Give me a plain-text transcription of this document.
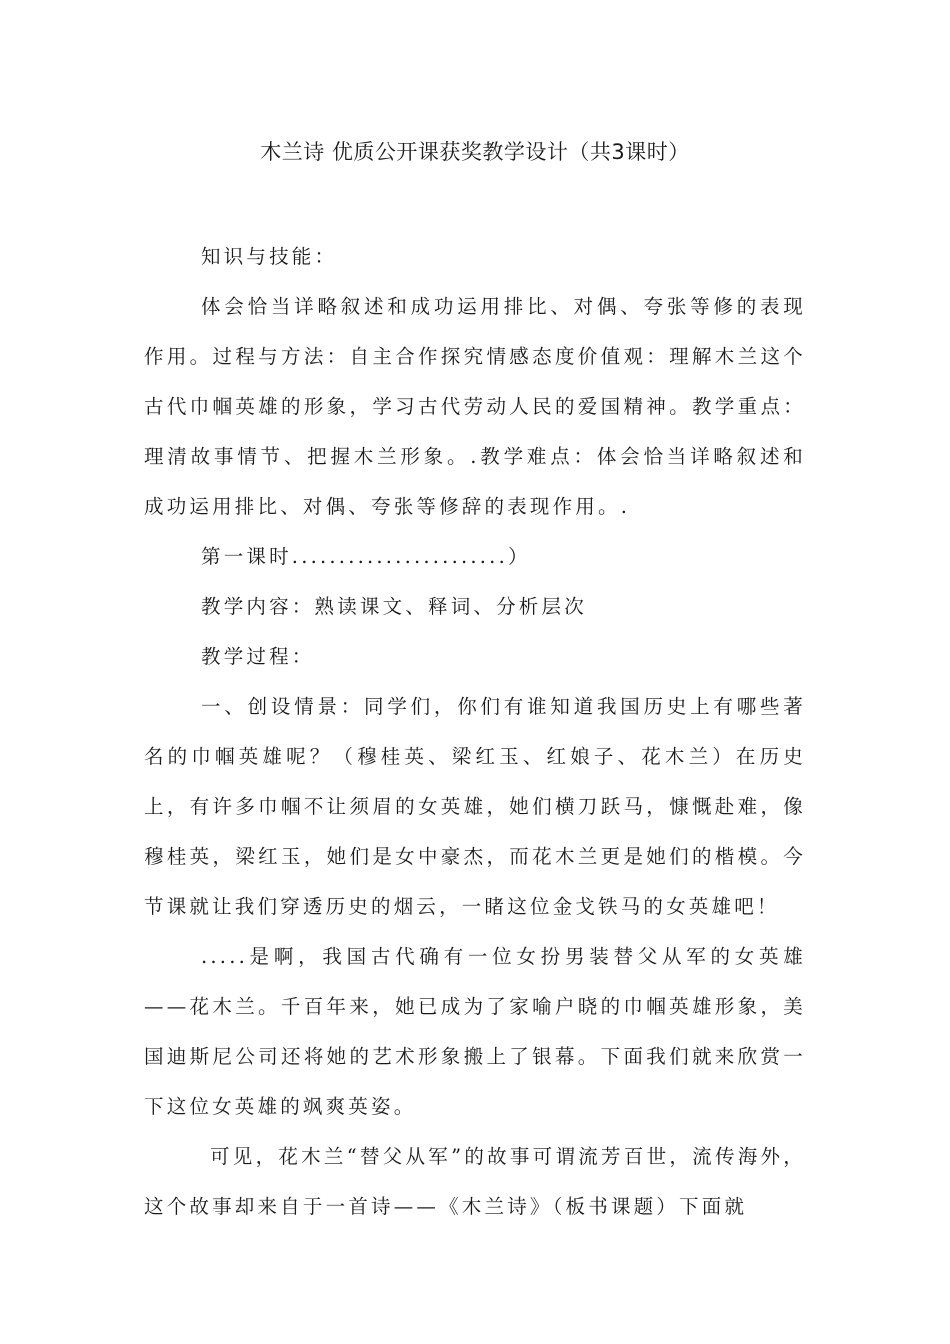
木兰诗 优质公开课获奖教学设计（共3课时）

知识与技能：

体会恰当详略叙述和成功运用排比、对偶、夸张等修的表现作用。过程与方法：自主合作探究情感态度价值观：理解木兰这个古代巾帼英雄的形象，学习古代劳动人民的爱国精神。教学重点：理清故事情节、把握木兰形象。.教学难点：体会恰当详略叙述和成功运用排比、对偶、夸张等修辞的表现作用。.

第一课时.......................）

教学内容：熟读课文、释词、分析层次

教学过程：

一、创设情景：同学们，你们有谁知道我国历史上有哪些著名的巾帼英雄呢？（穆桂英、梁红玉、红娘子、花木兰）在历史上，有许多巾帼不让须眉的女英雄，她们横刀跃马，慷慨赴难，像穆桂英，梁红玉，她们是女中豪杰，而花木兰更是她们的楷模。今节课就让我们穿透历史的烟云，一睹这位金戈铁马的女英雄吧！

.....是啊，我国古代确有一位女扮男装替父从军的女英雄——花木兰。千百年来，她已成为了家喻户晓的巾帼英雄形象，美国迪斯尼公司还将她的艺术形象搬上了银幕。下面我们就来欣赏一下这位女英雄的飒爽英姿。

可见，花木兰“替父从军”的故事可谓流芳百世，流传海外，这个故事却来自于一首诗——《木兰诗》（板书课题）下面就
